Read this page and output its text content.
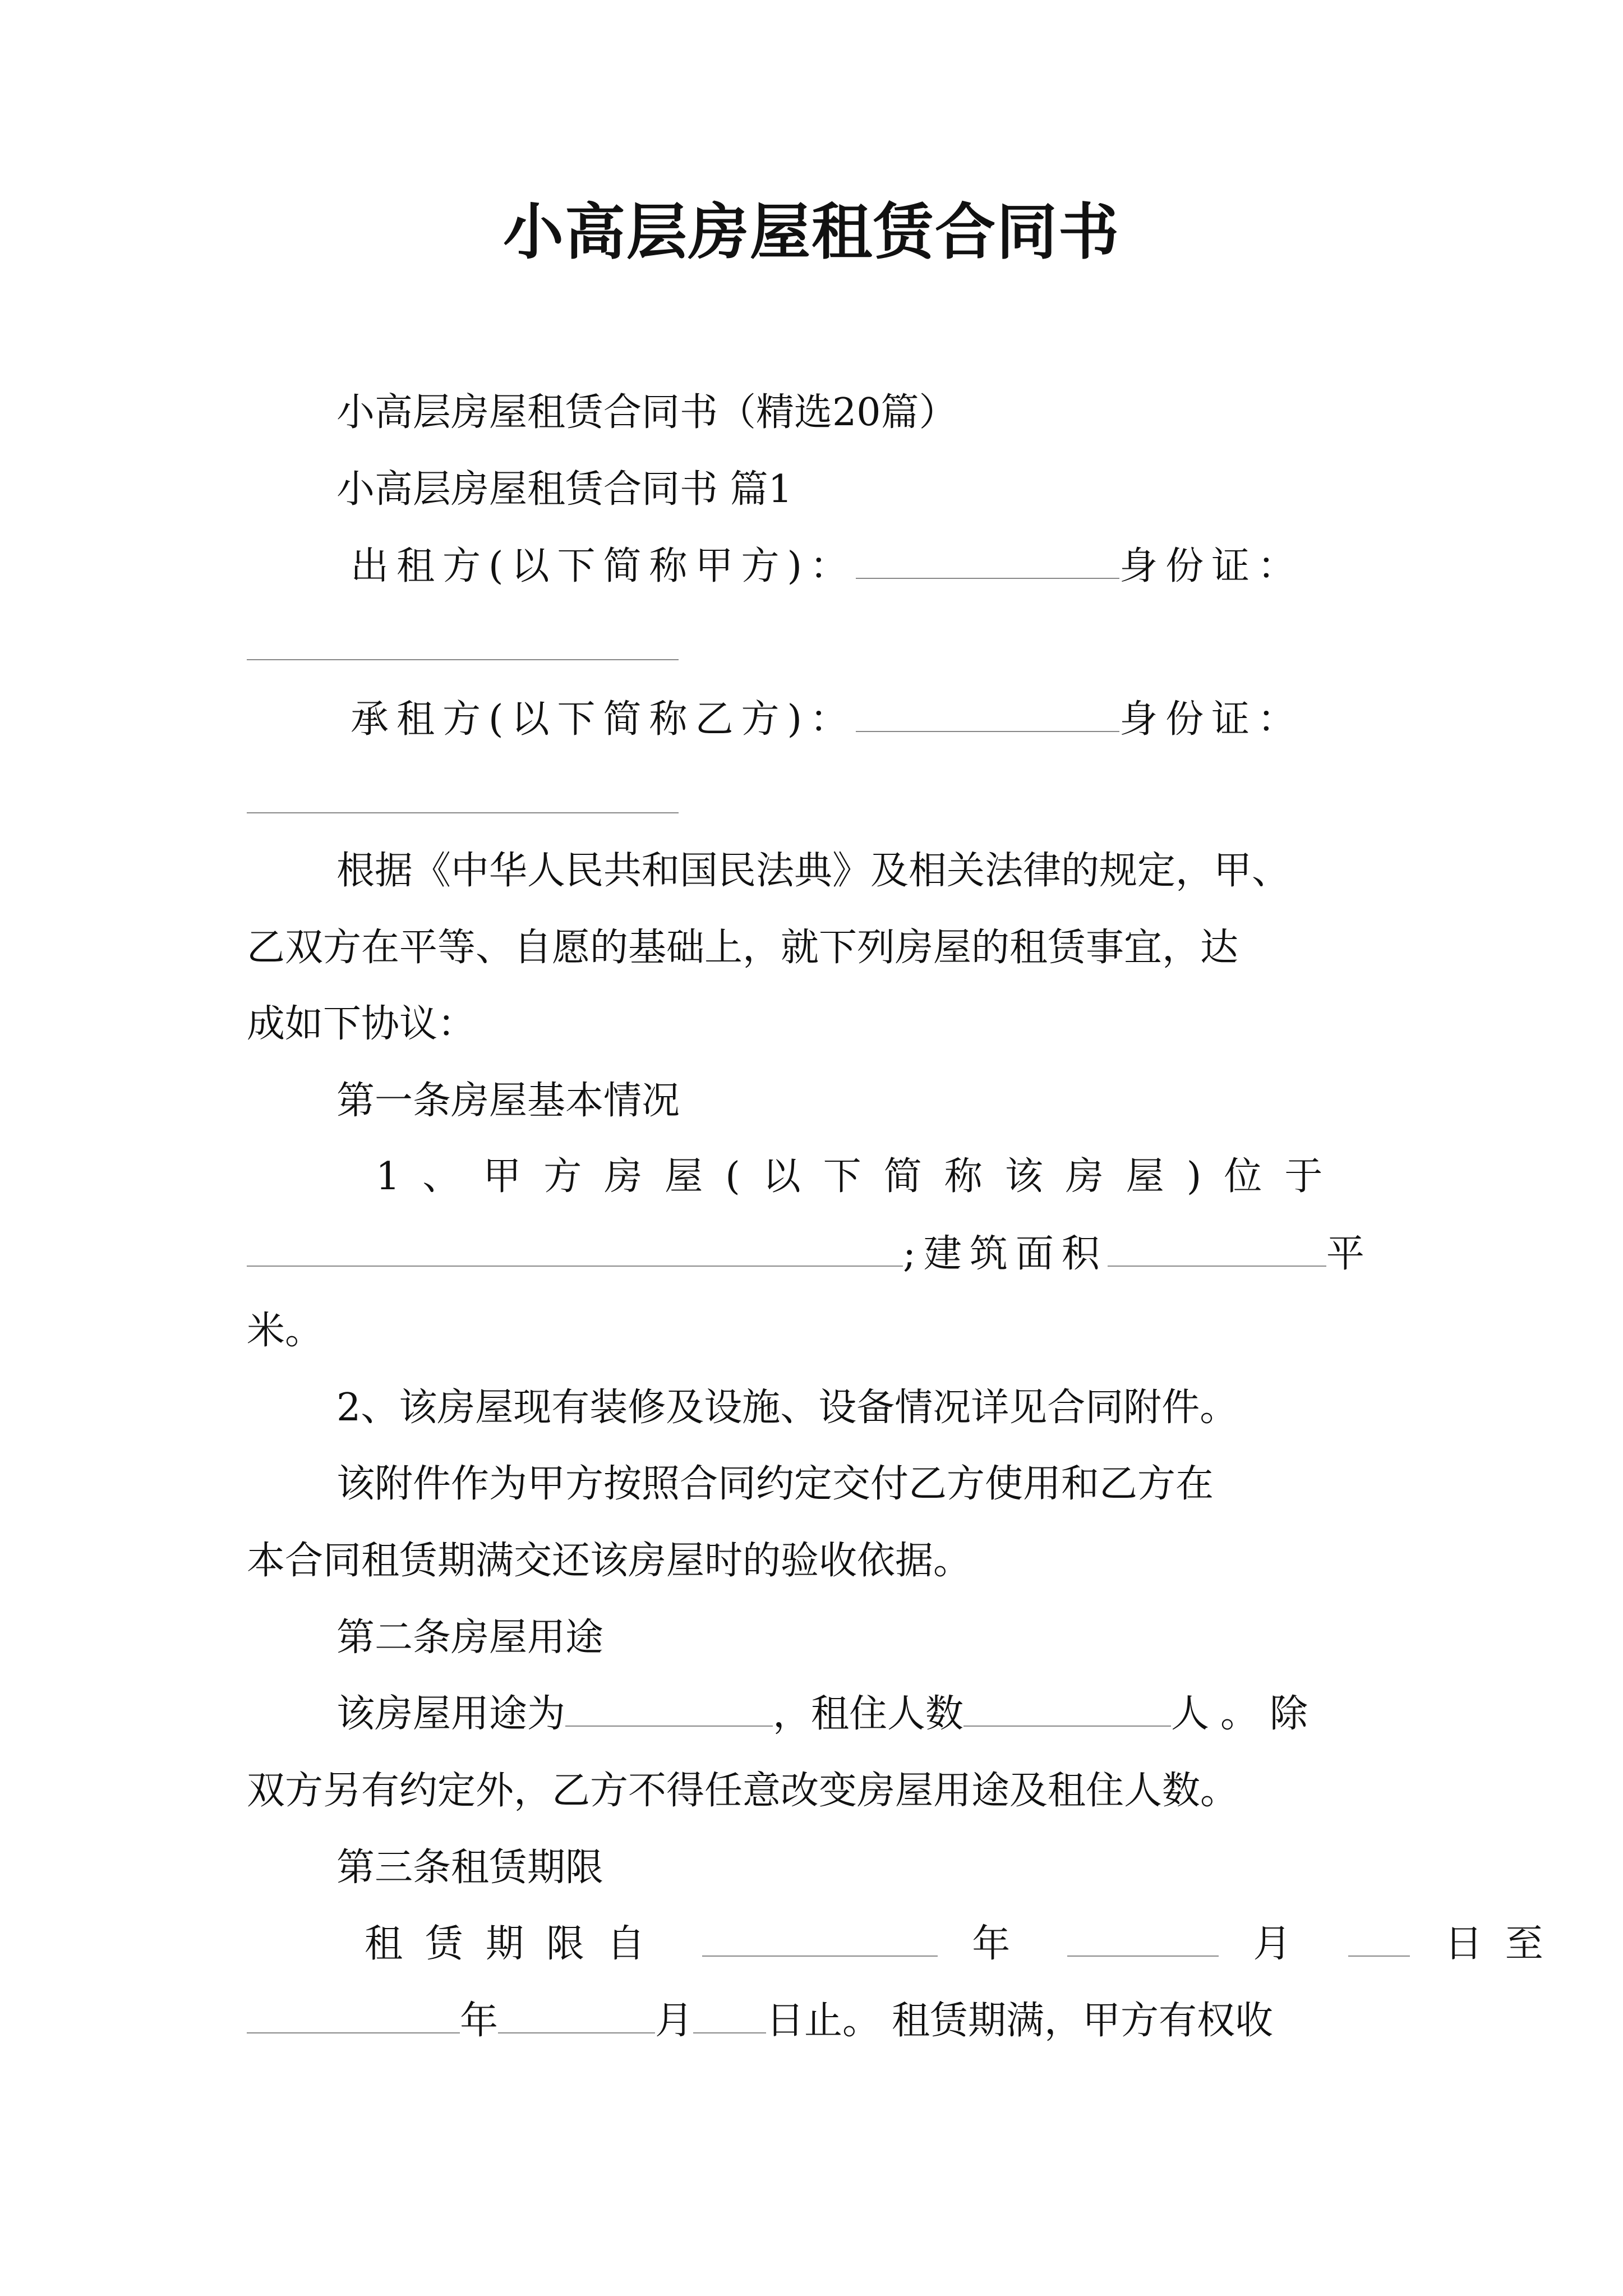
小高层房屋租赁合同书
小高层房屋租赁合同书（精选20篇）
小高层房屋租赁合同书 篇1
出租方(以下简称甲方)：	身份证：
承租方(以下简称乙方)：	身份证：
根据《中华人民共和国民法典》及相关法律的规定，甲、
乙双方在平等、自愿的基础上，就下列房屋的租赁事宜，达
成如下协议：
第一条房屋基本情况
1、甲方房屋(以下简称该房屋)位于
;建筑面积	平
米。
2、该房屋现有装修及设施、设备情况详见合同附件。
该附件作为甲方按照合同约定交付乙方使用和乙方在
本合同租赁期满交还该房屋时的验收依据。
第二条房屋用途
该房屋用途为	，租住人数	人。除
双方另有约定外，乙方不得任意改变房屋用途及租住人数。
第三条租赁期限
租赁期限自	年	月	日至
年	月 日止。 租赁期满，甲方有权收
